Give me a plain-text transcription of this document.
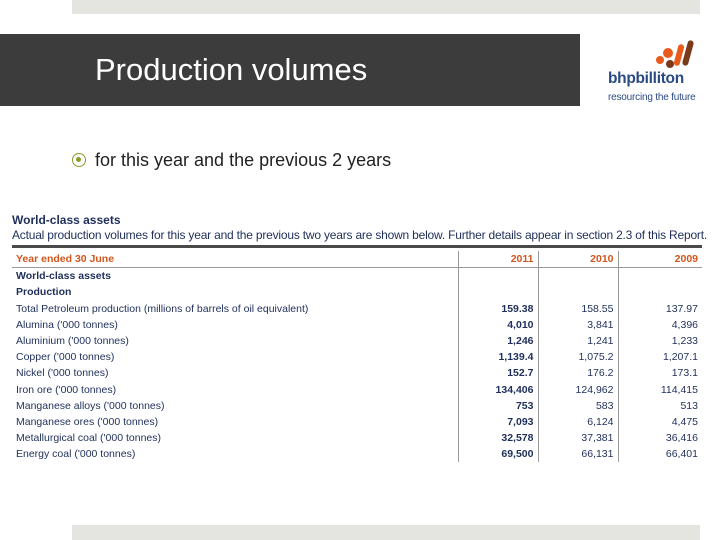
Production volumes	bhpbilliton
resourcing the future
for this year and the previous 2 years
World-class assets
Actual production volumes for this year and the previous two years are shown below. Further details appear in section 2.3 of this Report.
Year ended 30 June	2011	2010	2009
World-class assets			
Production			
Total Petroleum production (millions of barrels of oil equivalent)	159.38	158.55	137.97
Alumina ('000 tonnes)	4,010	3,841	4,396
Aluminium ('000 tonnes)	1,246	1,241	1,233
Copper ('000 tonnes)	1,139.4	1,075.2	1,207.1
Nickel ('000 tonnes)	152.7	176.2	173.1
Iron ore ('000 tonnes)	134,406	124,962	114,415
Manganese alloys ('000 tonnes)	753	583	513
Manganese ores ('000 tonnes)	7,093	6,124	4,475
Metallurgical coal ('000 tonnes)	32,578	37,381	36,416
Energy coal ('000 tonnes)	69,500	66,131	66,401
